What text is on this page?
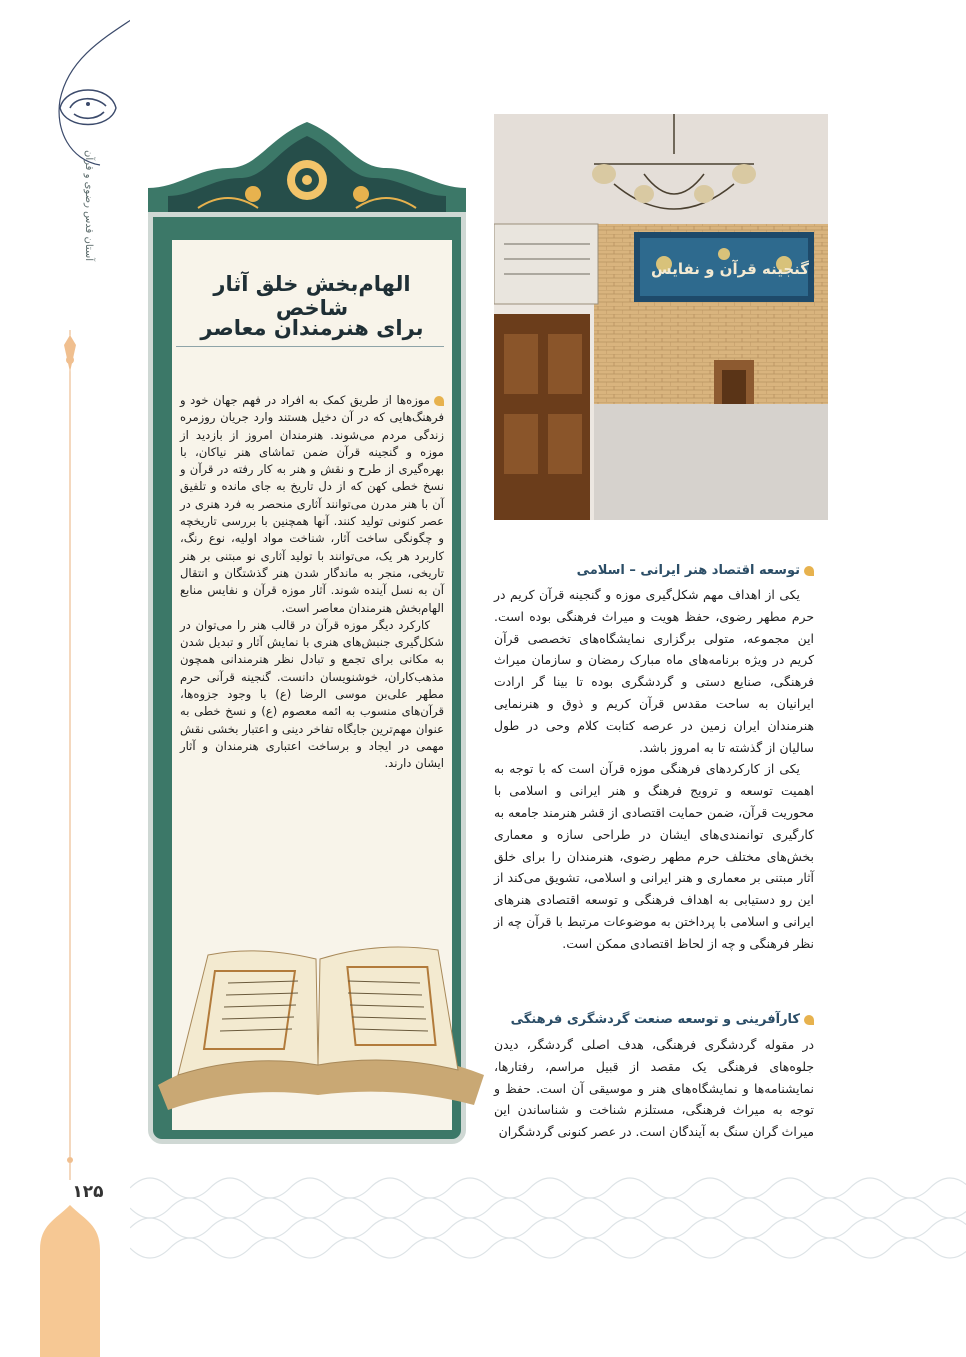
آستان قدس رضوی و قرآن
۱۲۵
الهام‌بخش خلق آثار شاخص
برای هنرمندان معاصر

موزه‌ها از طریق کمک به افراد در فهم جهان خود و فرهنگ‌هایی که در آن دخیل هستند وارد جریان روزمره زندگی مردم می‌شوند. هنرمندان امروز از بازدید از موزه و گنجینه قرآن ضمن تماشای هنر نیاکان، با بهره‌گیری از طرح و نقش و هنر به کار رفته در قرآن و نسخ خطی کهن که از دل تاریخ به جای مانده و تلفیق آن با هنر مدرن می‌توانند آثاری منحصر به فرد هنری در عصر کنونی تولید کنند. آنها همچنین با بررسی تاریخچه و چگونگی ساخت آثار، شناخت مواد اولیه، نوع رنگ، کاربرد هر یک، می‌توانند با تولید آثاری نو مبتنی بر هنر تاریخی، منجر به ماندگار شدن هنر گذشتگان و انتقال آن به نسل آینده شوند. آثار موزه قرآن و نفایس منابع الهام‌بخش هنرمندان معاصر است.

کارکرد دیگر موزه قرآن در قالب هنر را می‌توان در شکل‌گیری جنبش‌های هنری با نمایش آثار و تبدیل شدن به مکانی برای تجمع و تبادل نظر هنرمندانی همچون مذهب‌کاران، خوشنویسان دانست. گنجینه قرآنی حرم مطهر علی‌بن موسی الرضا (ع) با وجود جزوه‌ها، قرآن‌های منسوب به ائمه معصوم (ع) و نسخ خطی به عنوان مهم‌ترین جایگاه تفاخر دینی و اعتبار بخشی نقش مهمی در ایجاد و برساخت اعتباری هنرمندان و آثار ایشان دارند.

گنجینه قرآن و نفایس
توسعه اقتصاد هنر ایرانی – اسلامی

یکی از اهداف مهم شکل‌گیری موزه و گنجینه قرآن کریم در حرم مطهر رضوی، حفظ هویت و میراث فرهنگی بوده است. این مجموعه، متولی برگزاری نمایشگاه‌های تخصصی قرآن کریم در ویژه برنامه‌های ماه مبارک رمضان و سازمان میراث فرهنگی، صنایع دستی و گردشگری بوده تا بینا گر ارادت ایرانیان به ساحت مقدس قرآن کریم و ذوق و هنرنمایی هنرمندان ایران زمین در عرصه کتابت کلام وحی در طول سالیان از گذشته تا به امروز باشد.

یکی از کارکردهای فرهنگی موزه قرآن است که با توجه به اهمیت توسعه و ترویج فرهنگ و هنر ایرانی و اسلامی با محوریت قرآن، ضمن حمایت اقتصادی از قشر هنرمند جامعه به کارگیری توانمندی‌های ایشان در طراحی سازه و معماری بخش‌های مختلف حرم مطهر رضوی، هنرمندان را برای خلق آثار مبتنی بر معماری و هنر ایرانی و اسلامی، تشویق می‌کند از این رو دستیابی به اهداف فرهنگی و توسعه اقتصادی هنرهای ایرانی و اسلامی با پرداختن به موضوعات مرتبط با قرآن چه از نظر فرهنگی و چه از لحاظ اقتصادی ممکن است.

کارآفرینی و توسعه صنعت گردشگری فرهنگی
در مقوله گردشگری فرهنگی، هدف اصلی گردشگر، دیدن جلوه‌های فرهنگی یک مقصد از قبیل مراسم، رفتارها، نمایشنامه‌ها و نمایشگاه‌های هنر و موسیقی آن است. حفظ و توجه به میراث فرهنگی، مستلزم شناخت و شناساندن این میراث گران سنگ به آیندگان است. در عصر کنونی گردشگران
